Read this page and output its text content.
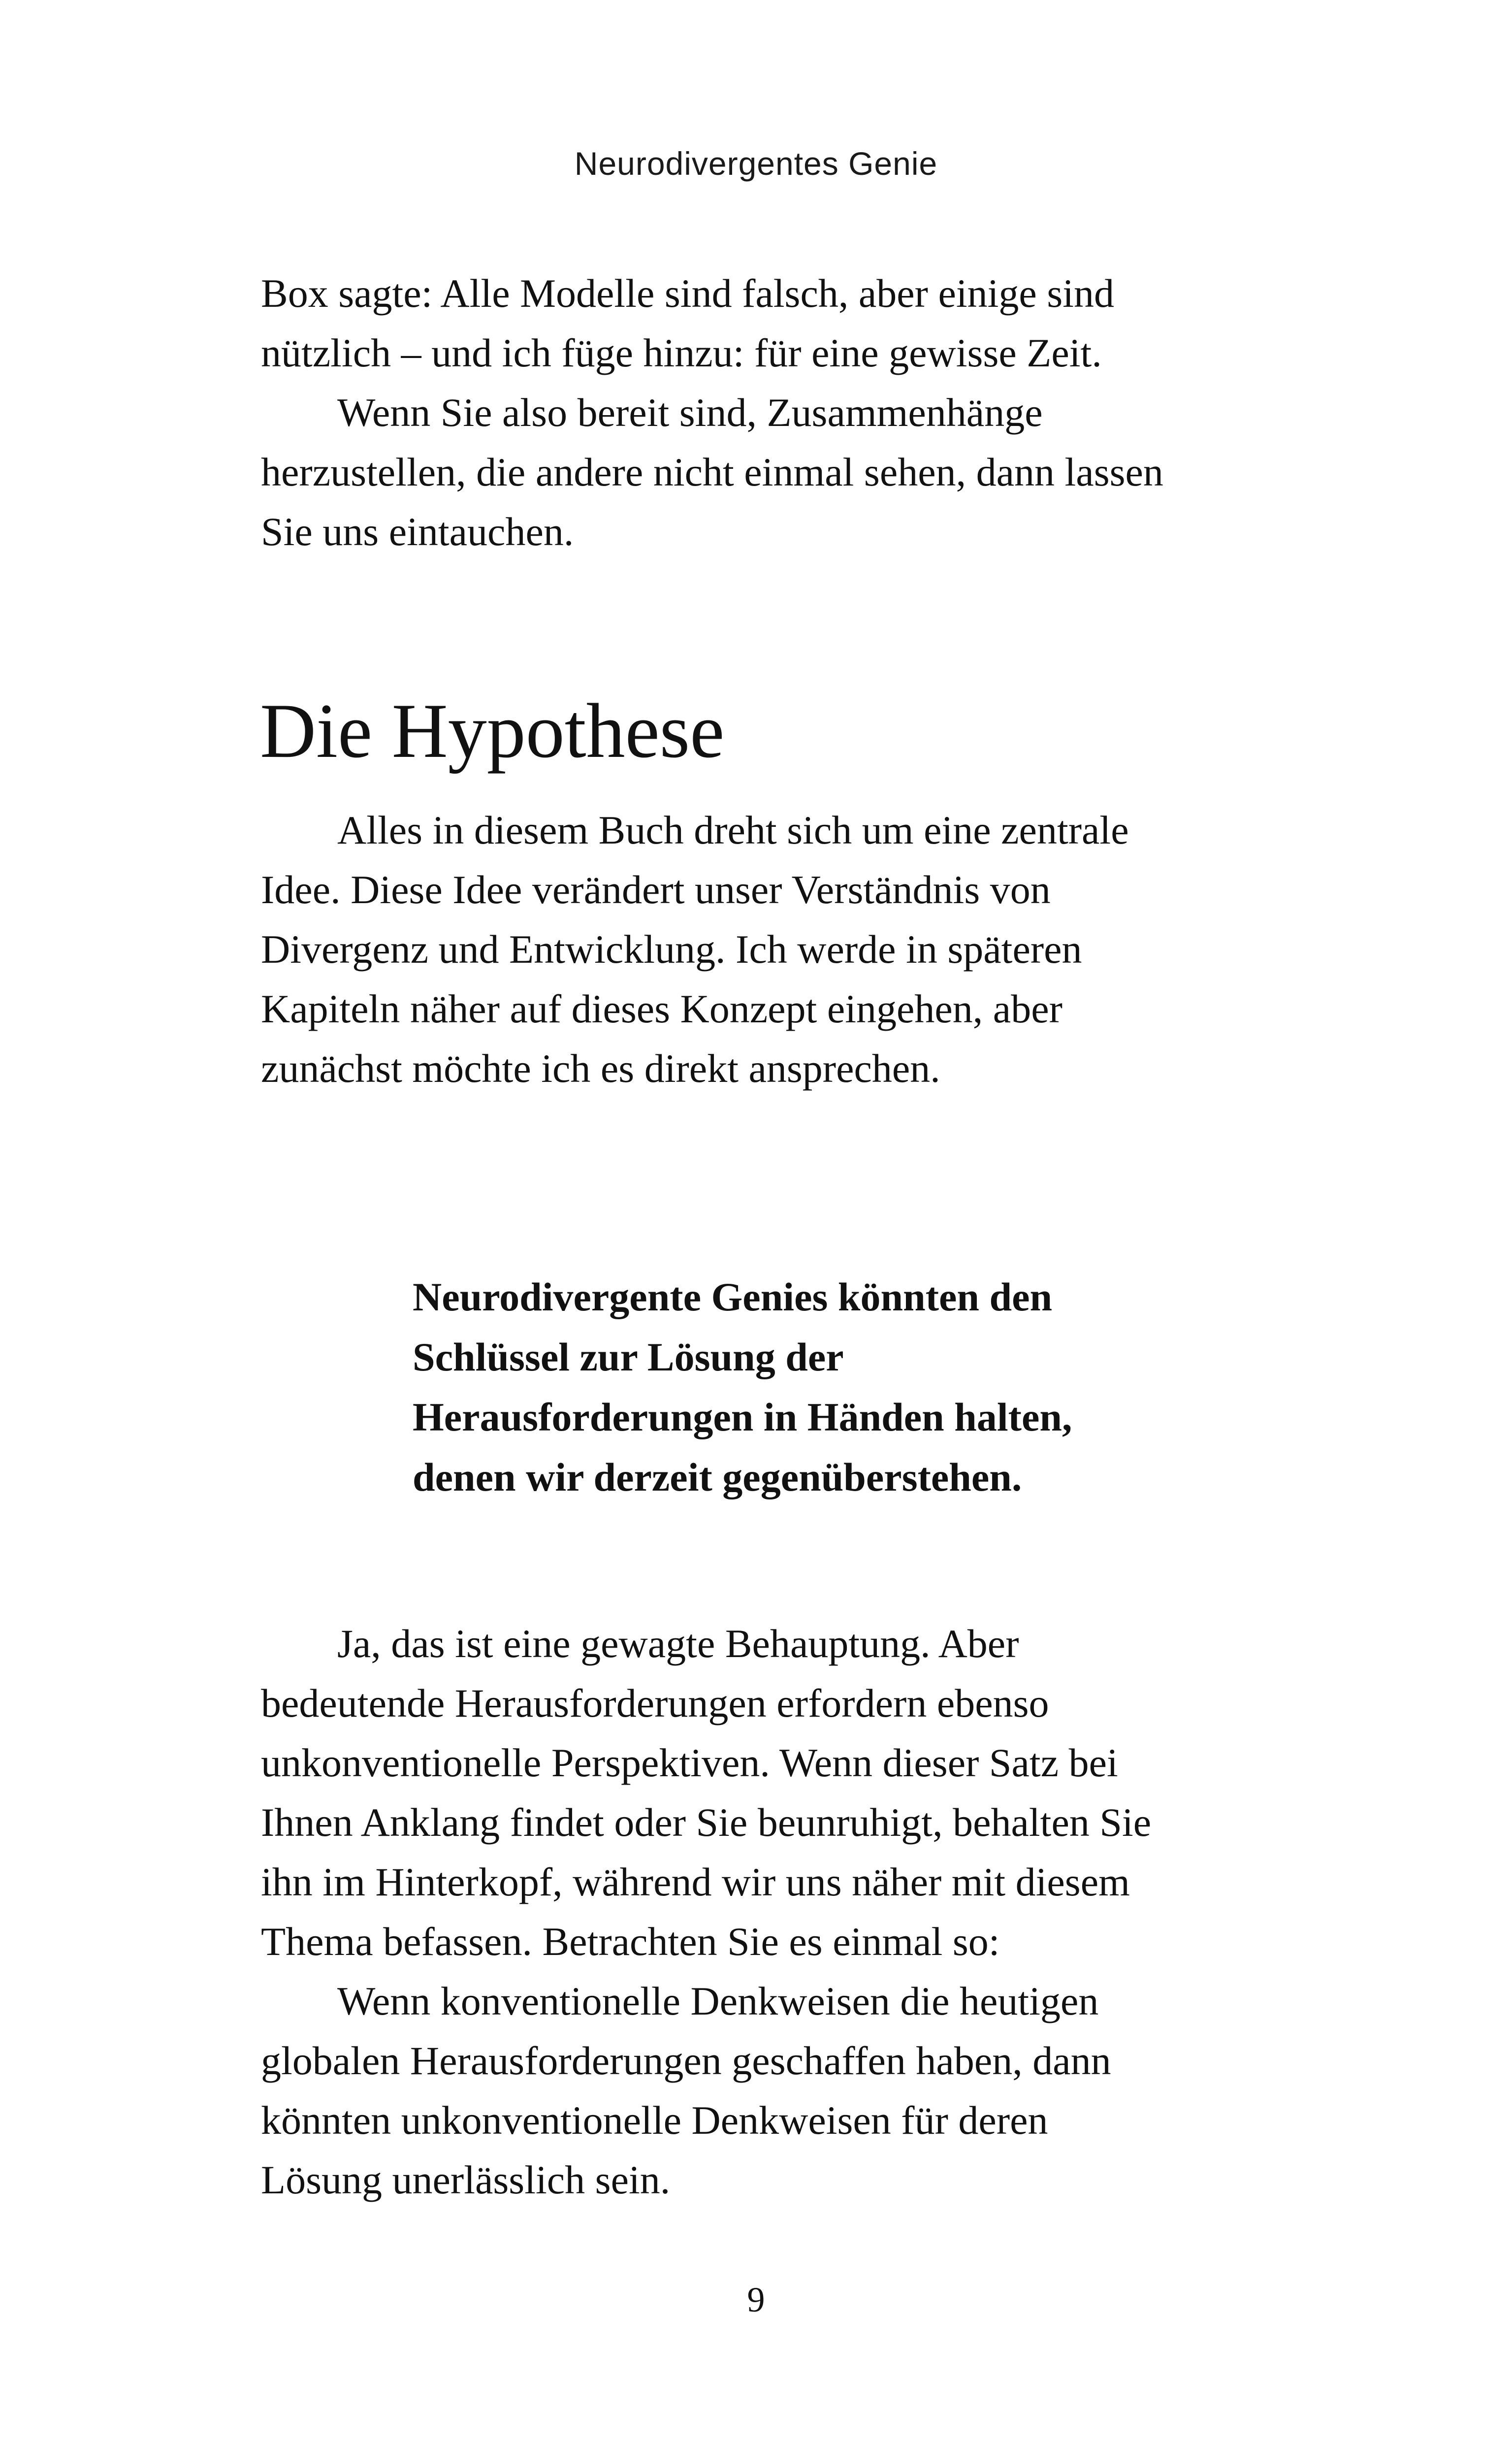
Neurodivergentes Genie

Box sagte: Alle Modelle sind falsch, aber einige sind
nützlich – und ich füge hinzu: für eine gewisse Zeit.

Wenn Sie also bereit sind, Zusammenhänge
herzustellen, die andere nicht einmal sehen, dann lassen
Sie uns eintauchen.

Die Hypothese

Alles in diesem Buch dreht sich um eine zentrale
Idee. Diese Idee verändert unser Verständnis von
Divergenz und Entwicklung. Ich werde in späteren
Kapiteln näher auf dieses Konzept eingehen, aber
zunächst möchte ich es direkt ansprechen.

Neurodivergente Genies könnten den
Schlüssel zur Lösung der
Herausforderungen in Händen halten,
denen wir derzeit gegenüberstehen.

Ja, das ist eine gewagte Behauptung. Aber
bedeutende Herausforderungen erfordern ebenso
unkonventionelle Perspektiven. Wenn dieser Satz bei
Ihnen Anklang findet oder Sie beunruhigt, behalten Sie
ihn im Hinterkopf, während wir uns näher mit diesem
Thema befassen. Betrachten Sie es einmal so:

Wenn konventionelle Denkweisen die heutigen
globalen Herausforderungen geschaffen haben, dann
könnten unkonventionelle Denkweisen für deren
Lösung unerlässlich sein.

9
